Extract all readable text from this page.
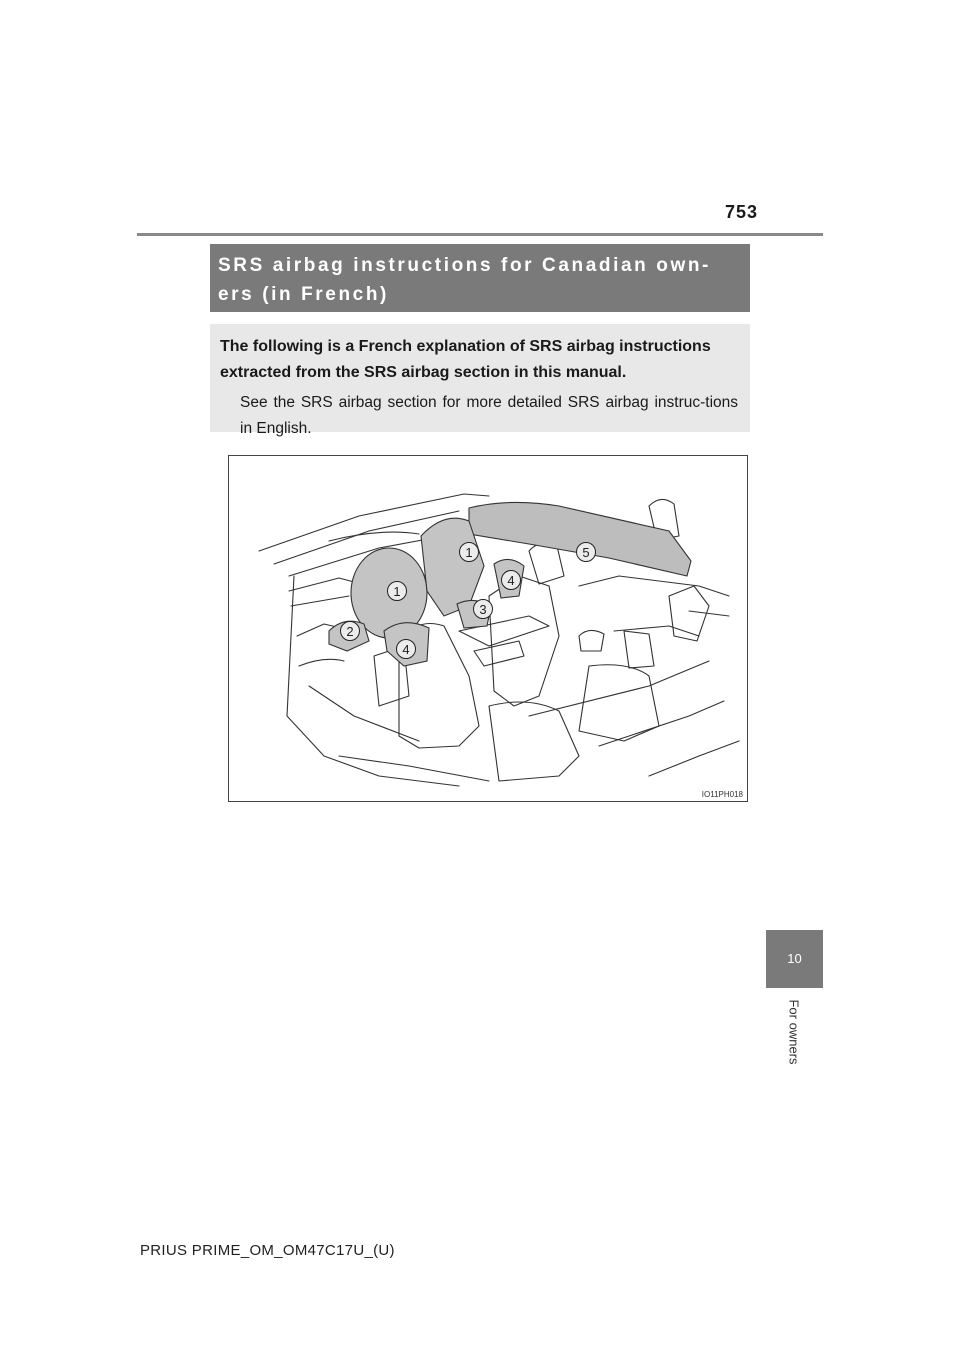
753
SRS airbag instructions for Canadian own-
ers (in French)
The following is a French explanation of SRS airbag instructions extracted from the SRS airbag section in this manual.
See the SRS airbag section for more detailed SRS airbag instruc-tions in English.
1
1
2
3
4
4
5
IO11PH018
10
For owners
PRIUS PRIME_OM_OM47C17U_(U)
